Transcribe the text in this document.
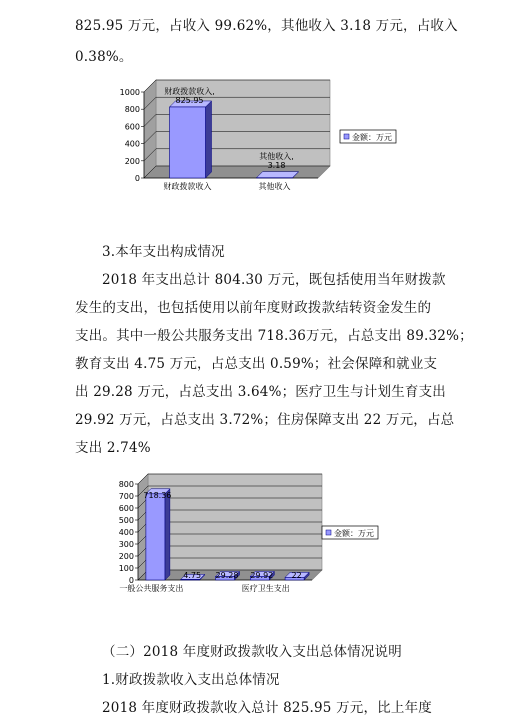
825.95 万元，占收入 99.62%，其他收入 3.18 万元，占收入
0.38%。
1000
800
600
400
200
0
财政拨款收入,
825.95
其他收入,
3.18
财政拨款收入	其他收入
金额：万元
3.本年支出构成情况
2018 年支出总计 804.30 万元，既包括使用当年财拨款
发生的支出，也包括使用以前年度财政拨款结转资金发生的
支出。其中一般公共服务支出 718.36万元，占总支出 89.32%；
教育支出 4.75 万元，占总支出 0.59%；社会保障和就业支
出 29.28 万元，占总支出 3.64%；医疗卫生与计划生育支出
29.92 万元，占总支出 3.72%；住房保障支出 22 万元，占总
支出 2.74%
800
700
600
500
400
300
200
100
0
718.36
4.75 29.28 29.92 22
一般公共服务支出	医疗卫生支出
金额：万元
（二）2018 年度财政拨款收入支出总体情况说明
1.财政拨款收入支出总体情况
2018 年度财政拨款收入总计 825.95 万元，比上年度
